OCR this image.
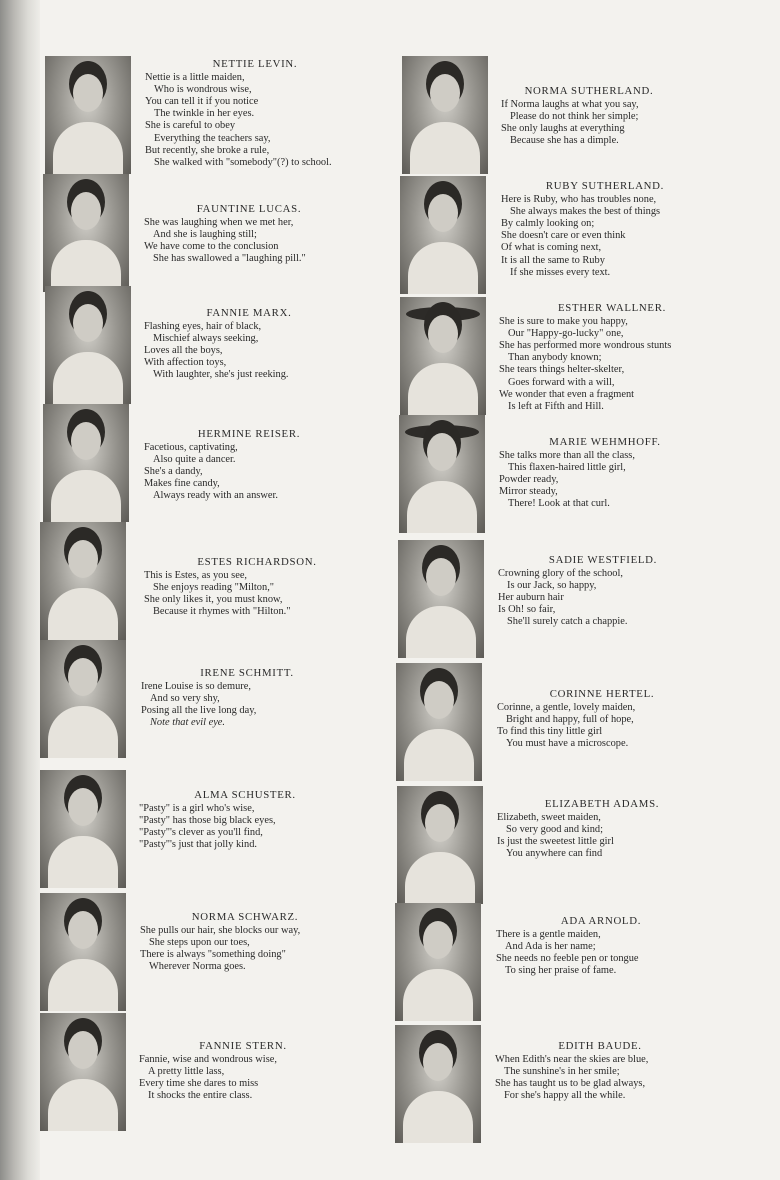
NETTIE LEVIN.
Nettie is a little maiden,
Who is wondrous wise,
You can tell it if you notice
The twinkle in her eyes.
She is careful to obey
Everything the teachers say,
But recently, she broke a rule,
She walked with "somebody"(?) to school.
FAUNTINE LUCAS.
She was laughing when we met her,
And she is laughing still;
We have come to the conclusion
She has swallowed a "laughing pill."
FANNIE MARX.
Flashing eyes, hair of black,
Mischief always seeking,
Loves all the boys,
With affection toys,
With laughter, she's just reeking.
HERMINE REISER.
Facetious, captivating,
Also quite a dancer.
She's a dandy,
Makes fine candy,
Always ready with an answer.
ESTES RICHARDSON.
This is Estes, as you see,
She enjoys reading "Milton,"
She only likes it, you must know,
Because it rhymes with "Hilton."
IRENE SCHMITT.
Irene Louise is so demure,
And so very shy,
Posing all the live long day,
Note that evil eye.
ALMA SCHUSTER.
"Pasty" is a girl who's wise,
"Pasty" has those big black eyes,
"Pasty"'s clever as you'll find,
"Pasty"'s just that jolly kind.
NORMA SCHWARZ.
She pulls our hair, she blocks our way,
She steps upon our toes,
There is always "something doing"
Wherever Norma goes.
FANNIE STERN.
Fannie, wise and wondrous wise,
A pretty little lass,
Every time she dares to miss
It shocks the entire class.
NORMA SUTHERLAND.
If Norma laughs at what you say,
Please do not think her simple;
She only laughs at everything
Because she has a dimple.
RUBY SUTHERLAND.
Here is Ruby, who has troubles none,
She always makes the best of things
By calmly looking on;
She doesn't care or even think
Of what is coming next,
It is all the same to Ruby
If she misses every text.
ESTHER WALLNER.
She is sure to make you happy,
Our "Happy-go-lucky" one,
She has performed more wondrous stunts
Than anybody known;
She tears things helter-skelter,
Goes forward with a will,
We wonder that even a fragment
Is left at Fifth and Hill.
MARIE WEHMHOFF.
She talks more than all the class,
This flaxen-haired little girl,
Powder ready,
Mirror steady,
There! Look at that curl.
SADIE WESTFIELD.
Crowning glory of the school,
Is our Jack, so happy,
Her auburn hair
Is Oh! so fair,
She'll surely catch a chappie.
CORINNE HERTEL.
Corinne, a gentle, lovely maiden,
Bright and happy, full of hope,
To find this tiny little girl
You must have a microscope.
ELIZABETH ADAMS.
Elizabeth, sweet maiden,
So very good and kind;
Is just the sweetest little girl
You anywhere can find
ADA ARNOLD.
There is a gentle maiden,
And Ada is her name;
She needs no feeble pen or tongue
To sing her praise of fame.
EDITH BAUDE.
When Edith's near the skies are blue,
The sunshine's in her smile;
She has taught us to be glad always,
For she's happy all the while.
